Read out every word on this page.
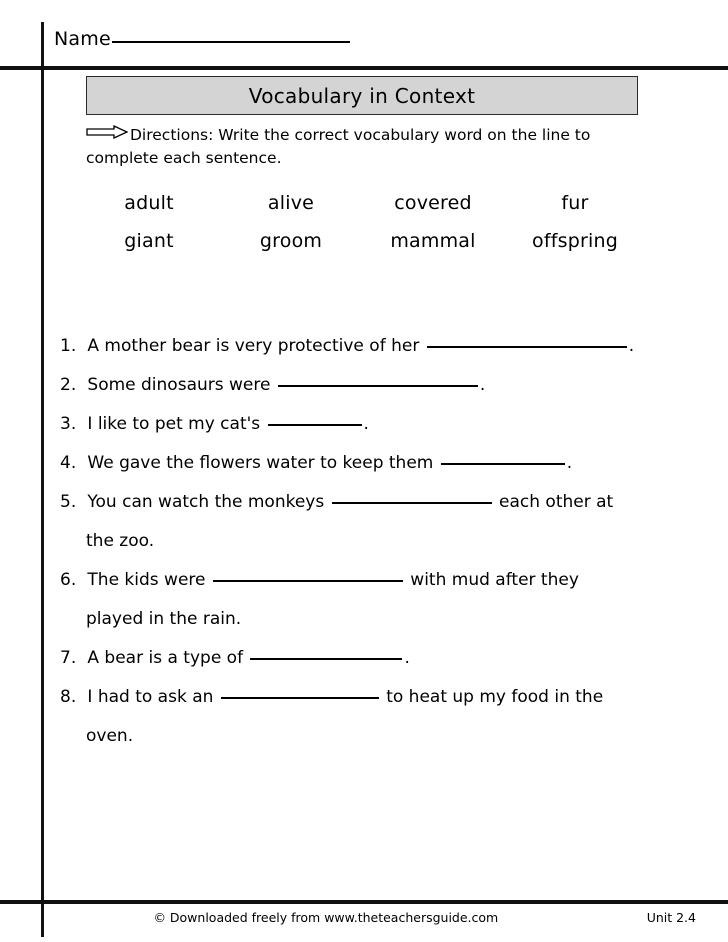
Name
Vocabulary in Context
Directions: Write the correct vocabulary word on the line to complete each sentence.
adult	alive	covered	fur
giant	groom	mammal	offspring
1. A mother bear is very protective of her	.
2. Some dinosaurs were	.
3. I like to pet my cat's	.
4. We gave the flowers water to keep them	.
5. You can watch the monkeys	each other at
the zoo.
6. The kids were	with mud after they
played in the rain.
7. A bear is a type of	.
8. I had to ask an	to heat up my food in the
oven.
© Downloaded freely from www.theteachersguide.com	Unit 2.4
